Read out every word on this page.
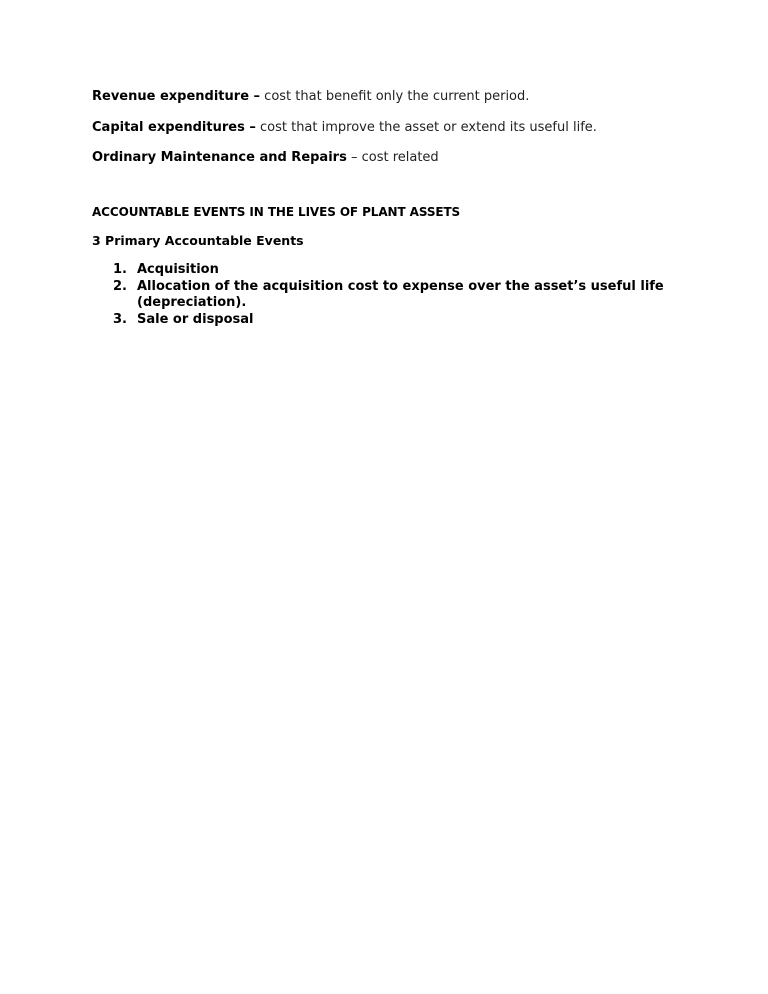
Revenue expenditure – cost that benefit only the current period.
Capital expenditures – cost that improve the asset or extend its useful life.
Ordinary Maintenance and Repairs – cost related
ACCOUNTABLE EVENTS IN THE LIVES OF PLANT ASSETS
3 Primary Accountable Events
1. Acquisition
2. Allocation of the acquisition cost to expense over the asset’s useful life (depreciation).
3. Sale or disposal
